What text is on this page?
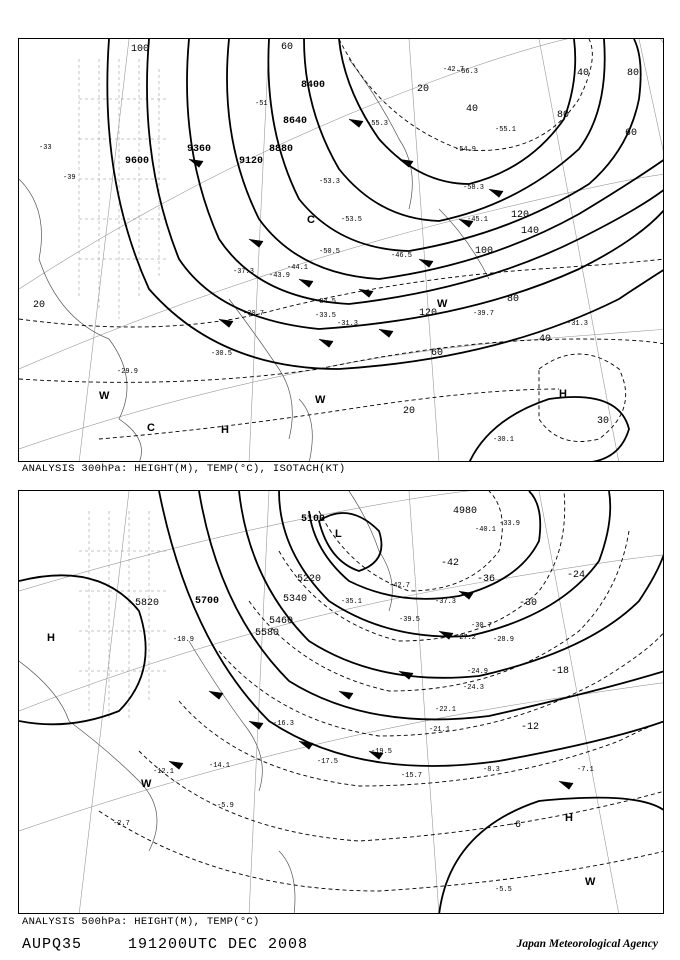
8400
8640
8880
9120
9360
9600
100	60
20
40
80
120
140
100
80
40
60
20
20
30
40
60
80
120
H
H
C
C
W	W
W
-33
-39
-51
-54.9
-55.1
-53.5
-50.5	-46.5
-43.9
-44.1
-37.3
-34.5
-33.5
-31.3
-30.7
-29.9
-30.5
-30.1
-31.3
-39.7
-42.7
-55.3
-56.3
-53.3
-58.3
-45.1
ANALYSIS 300hPa: HEIGHT(M), TEMP(°C), ISOTACH(KT)
4980
5100
5220
5340
5460
5580
5700
5820
-42
-36
-30
-24
-18
-12
-6
L
H
H
W
W
-40.1
-33.9
-42.7
-35.1
-39.5
-37.3
-30.7
-28.9
-27.2
-24.9
-24.3
-22.1
-21.1
-19.5
-17.5
-16.3
-15.7
-14.1
-12.1
-10.9
-8.3	-7.1
-5.9
-5.5
-2.7
ANALYSIS 500hPa: HEIGHT(M), TEMP(°C)
AUPQ35	191200UTC DEC 2008	Japan Meteorological Agency
